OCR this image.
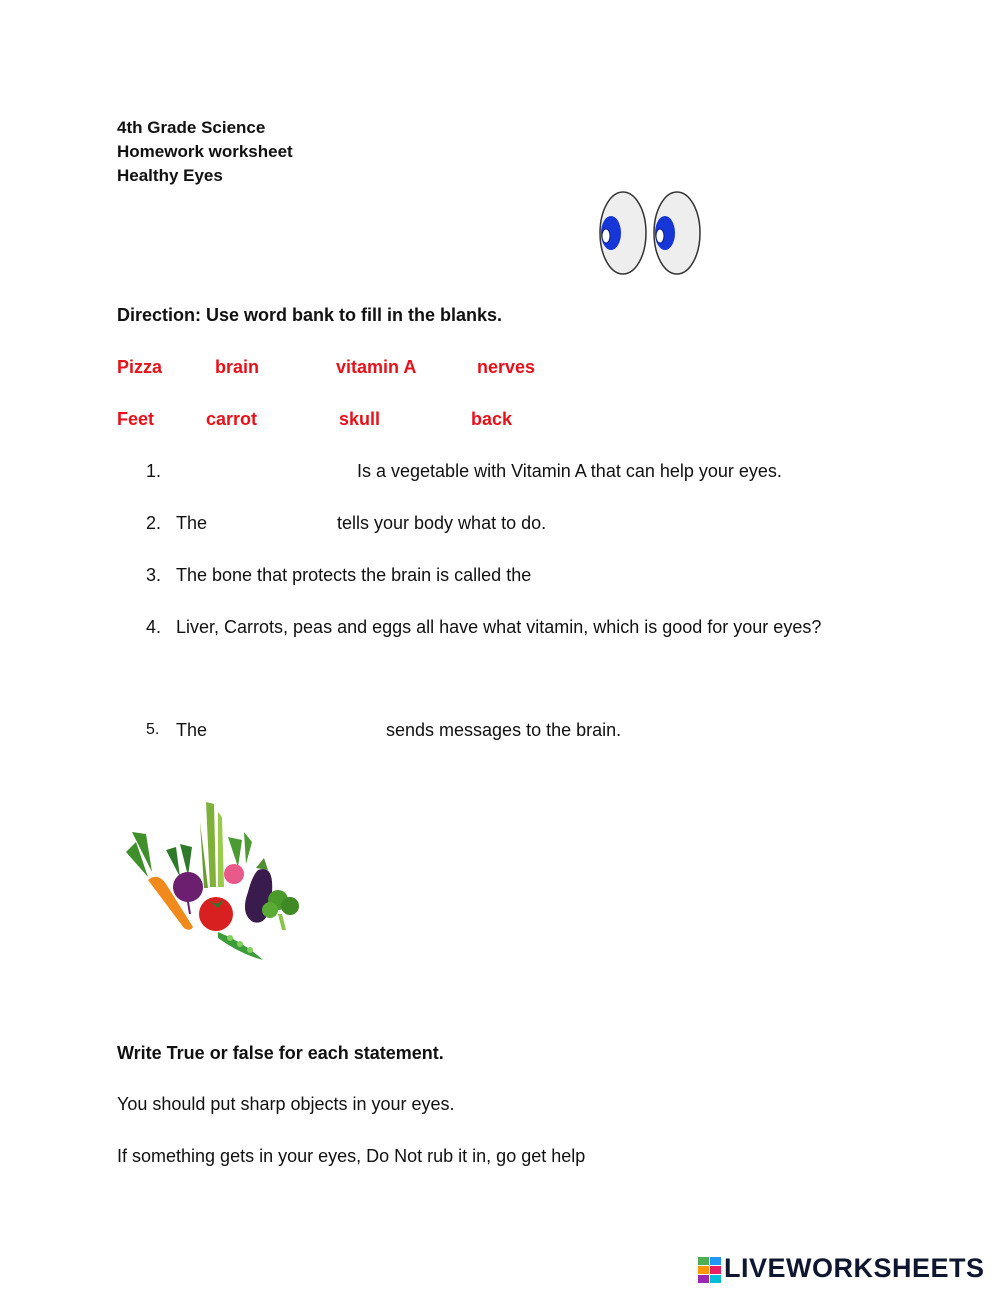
4th Grade Science
Homework worksheet
Healthy Eyes
Direction: Use word bank to fill in the blanks.
Pizza	brain	vitamin A	nerves
Feet	carrot	skull	back
1.	Is a vegetable with Vitamin A that can help your eyes.
2. The	tells your body what to do.
3. The bone that protects the brain is called the
4. Liver, Carrots, peas and eggs all have what vitamin, which is good for your eyes?
5. The	sends messages to the brain.
Write True or false for each statement.
You should put sharp objects in your eyes.
If something gets in your eyes, Do Not rub it in, go get help
LIVEWORKSHEETS
